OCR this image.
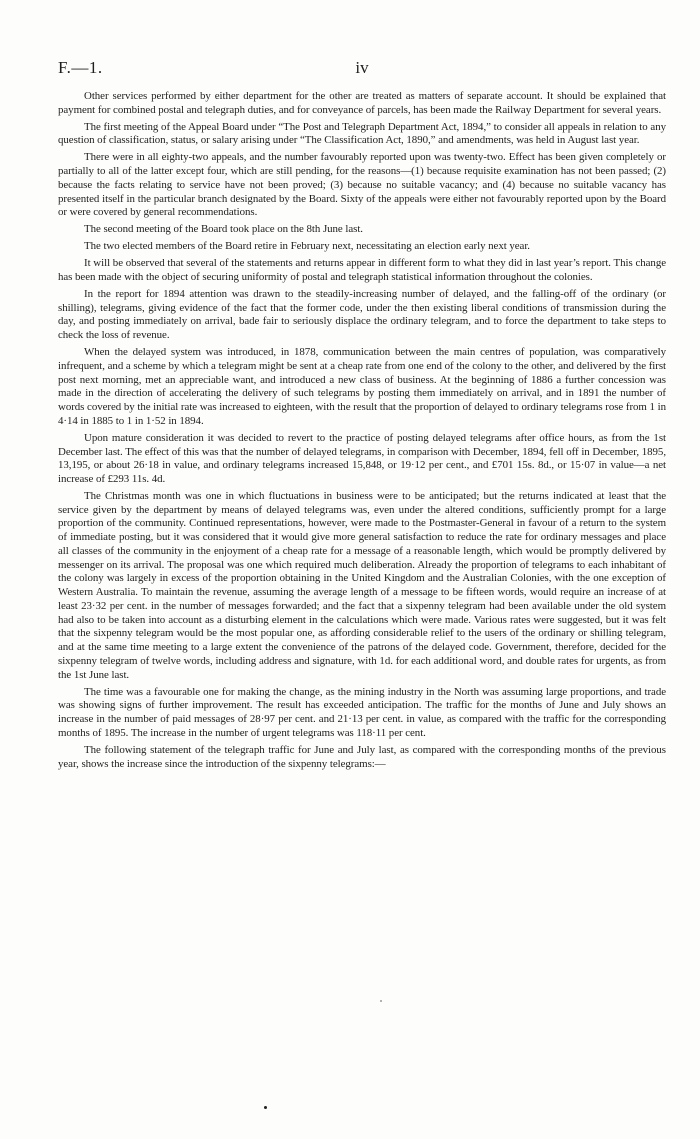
F.—1.	iv

Other services performed by either department for the other are treated as matters of separate account. It should be explained that payment for combined postal and telegraph duties, and for conveyance of parcels, has been made the Railway Department for several years.

The first meeting of the Appeal Board under “The Post and Telegraph Department Act, 1894,” to consider all appeals in relation to any question of classification, status, or salary arising under “The Classification Act, 1890,” and amendments, was held in August last year.

There were in all eighty-two appeals, and the number favourably reported upon was twenty-two. Effect has been given completely or partially to all of the latter except four, which are still pending, for the reasons—(1) because requisite examination has not been passed; (2) because the facts relating to service have not been proved; (3) because no suitable vacancy; and (4) because no suitable vacancy has presented itself in the particular branch designated by the Board. Sixty of the appeals were either not favourably reported upon by the Board or were covered by general recommendations.

The second meeting of the Board took place on the 8th June last.

The two elected members of the Board retire in February next, necessitating an election early next year.

It will be observed that several of the statements and returns appear in different form to what they did in last year’s report. This change has been made with the object of securing uniformity of postal and telegraph statistical information throughout the colonies.

In the report for 1894 attention was drawn to the steadily-increasing number of delayed, and the falling-off of the ordinary (or shilling), telegrams, giving evidence of the fact that the former code, under the then existing liberal conditions of transmission during the day, and posting immediately on arrival, bade fair to seriously displace the ordinary telegram, and to force the department to take steps to check the loss of revenue.

When the delayed system was introduced, in 1878, communication between the main centres of population, was comparatively infrequent, and a scheme by which a telegram might be sent at a cheap rate from one end of the colony to the other, and delivered by the first post next morning, met an appreciable want, and introduced a new class of business. At the beginning of 1886 a further concession was made in the direction of accelerating the delivery of such telegrams by posting them immediately on arrival, and in 1891 the number of words covered by the initial rate was increased to eighteen, with the result that the proportion of delayed to ordinary telegrams rose from 1 in 4·14 in 1885 to 1 in 1·52 in 1894.

Upon mature consideration it was decided to revert to the practice of posting delayed telegrams after office hours, as from the 1st December last. The effect of this was that the number of delayed telegrams, in comparison with December, 1894, fell off in December, 1895, 13,195, or about 26·18 in value, and ordinary telegrams increased 15,848, or 19·12 per cent., and £701 15s. 8d., or 15·07 in value—a net increase of £293 11s. 4d.

The Christmas month was one in which fluctuations in business were to be anticipated; but the returns indicated at least that the service given by the department by means of delayed telegrams was, even under the altered conditions, sufficiently prompt for a large proportion of the community. Continued representations, however, were made to the Postmaster-General in favour of a return to the system of immediate posting, but it was considered that it would give more general satisfaction to reduce the rate for ordinary messages and place all classes of the community in the enjoyment of a cheap rate for a message of a reasonable length, which would be promptly delivered by messenger on its arrival. The proposal was one which required much deliberation. Already the proportion of telegrams to each inhabitant of the colony was largely in excess of the proportion obtaining in the United Kingdom and the Australian Colonies, with the one exception of Western Australia. To maintain the revenue, assuming the average length of a message to be fifteen words, would require an increase of at least 23·32 per cent. in the number of messages forwarded; and the fact that a sixpenny telegram had been available under the old system had also to be taken into account as a disturbing element in the calculations which were made. Various rates were suggested, but it was felt that the sixpenny telegram would be the most popular one, as affording considerable relief to the users of the ordinary or shilling telegram, and at the same time meeting to a large extent the convenience of the patrons of the delayed code. Government, therefore, decided for the sixpenny telegram of twelve words, including address and signature, with 1d. for each additional word, and double rates for urgents, as from the 1st June last.

The time was a favourable one for making the change, as the mining industry in the North was assuming large proportions, and trade was showing signs of further improvement. The result has exceeded anticipation. The traffic for the months of June and July shows an increase in the number of paid messages of 28·97 per cent. and 21·13 per cent. in value, as compared with the traffic for the corresponding months of 1895. The increase in the number of urgent telegrams was 118·11 per cent.

The following statement of the telegraph traffic for June and July last, as compared with the corresponding months of the previous year, shows the increase since the introduction of the sixpenny telegrams:—
